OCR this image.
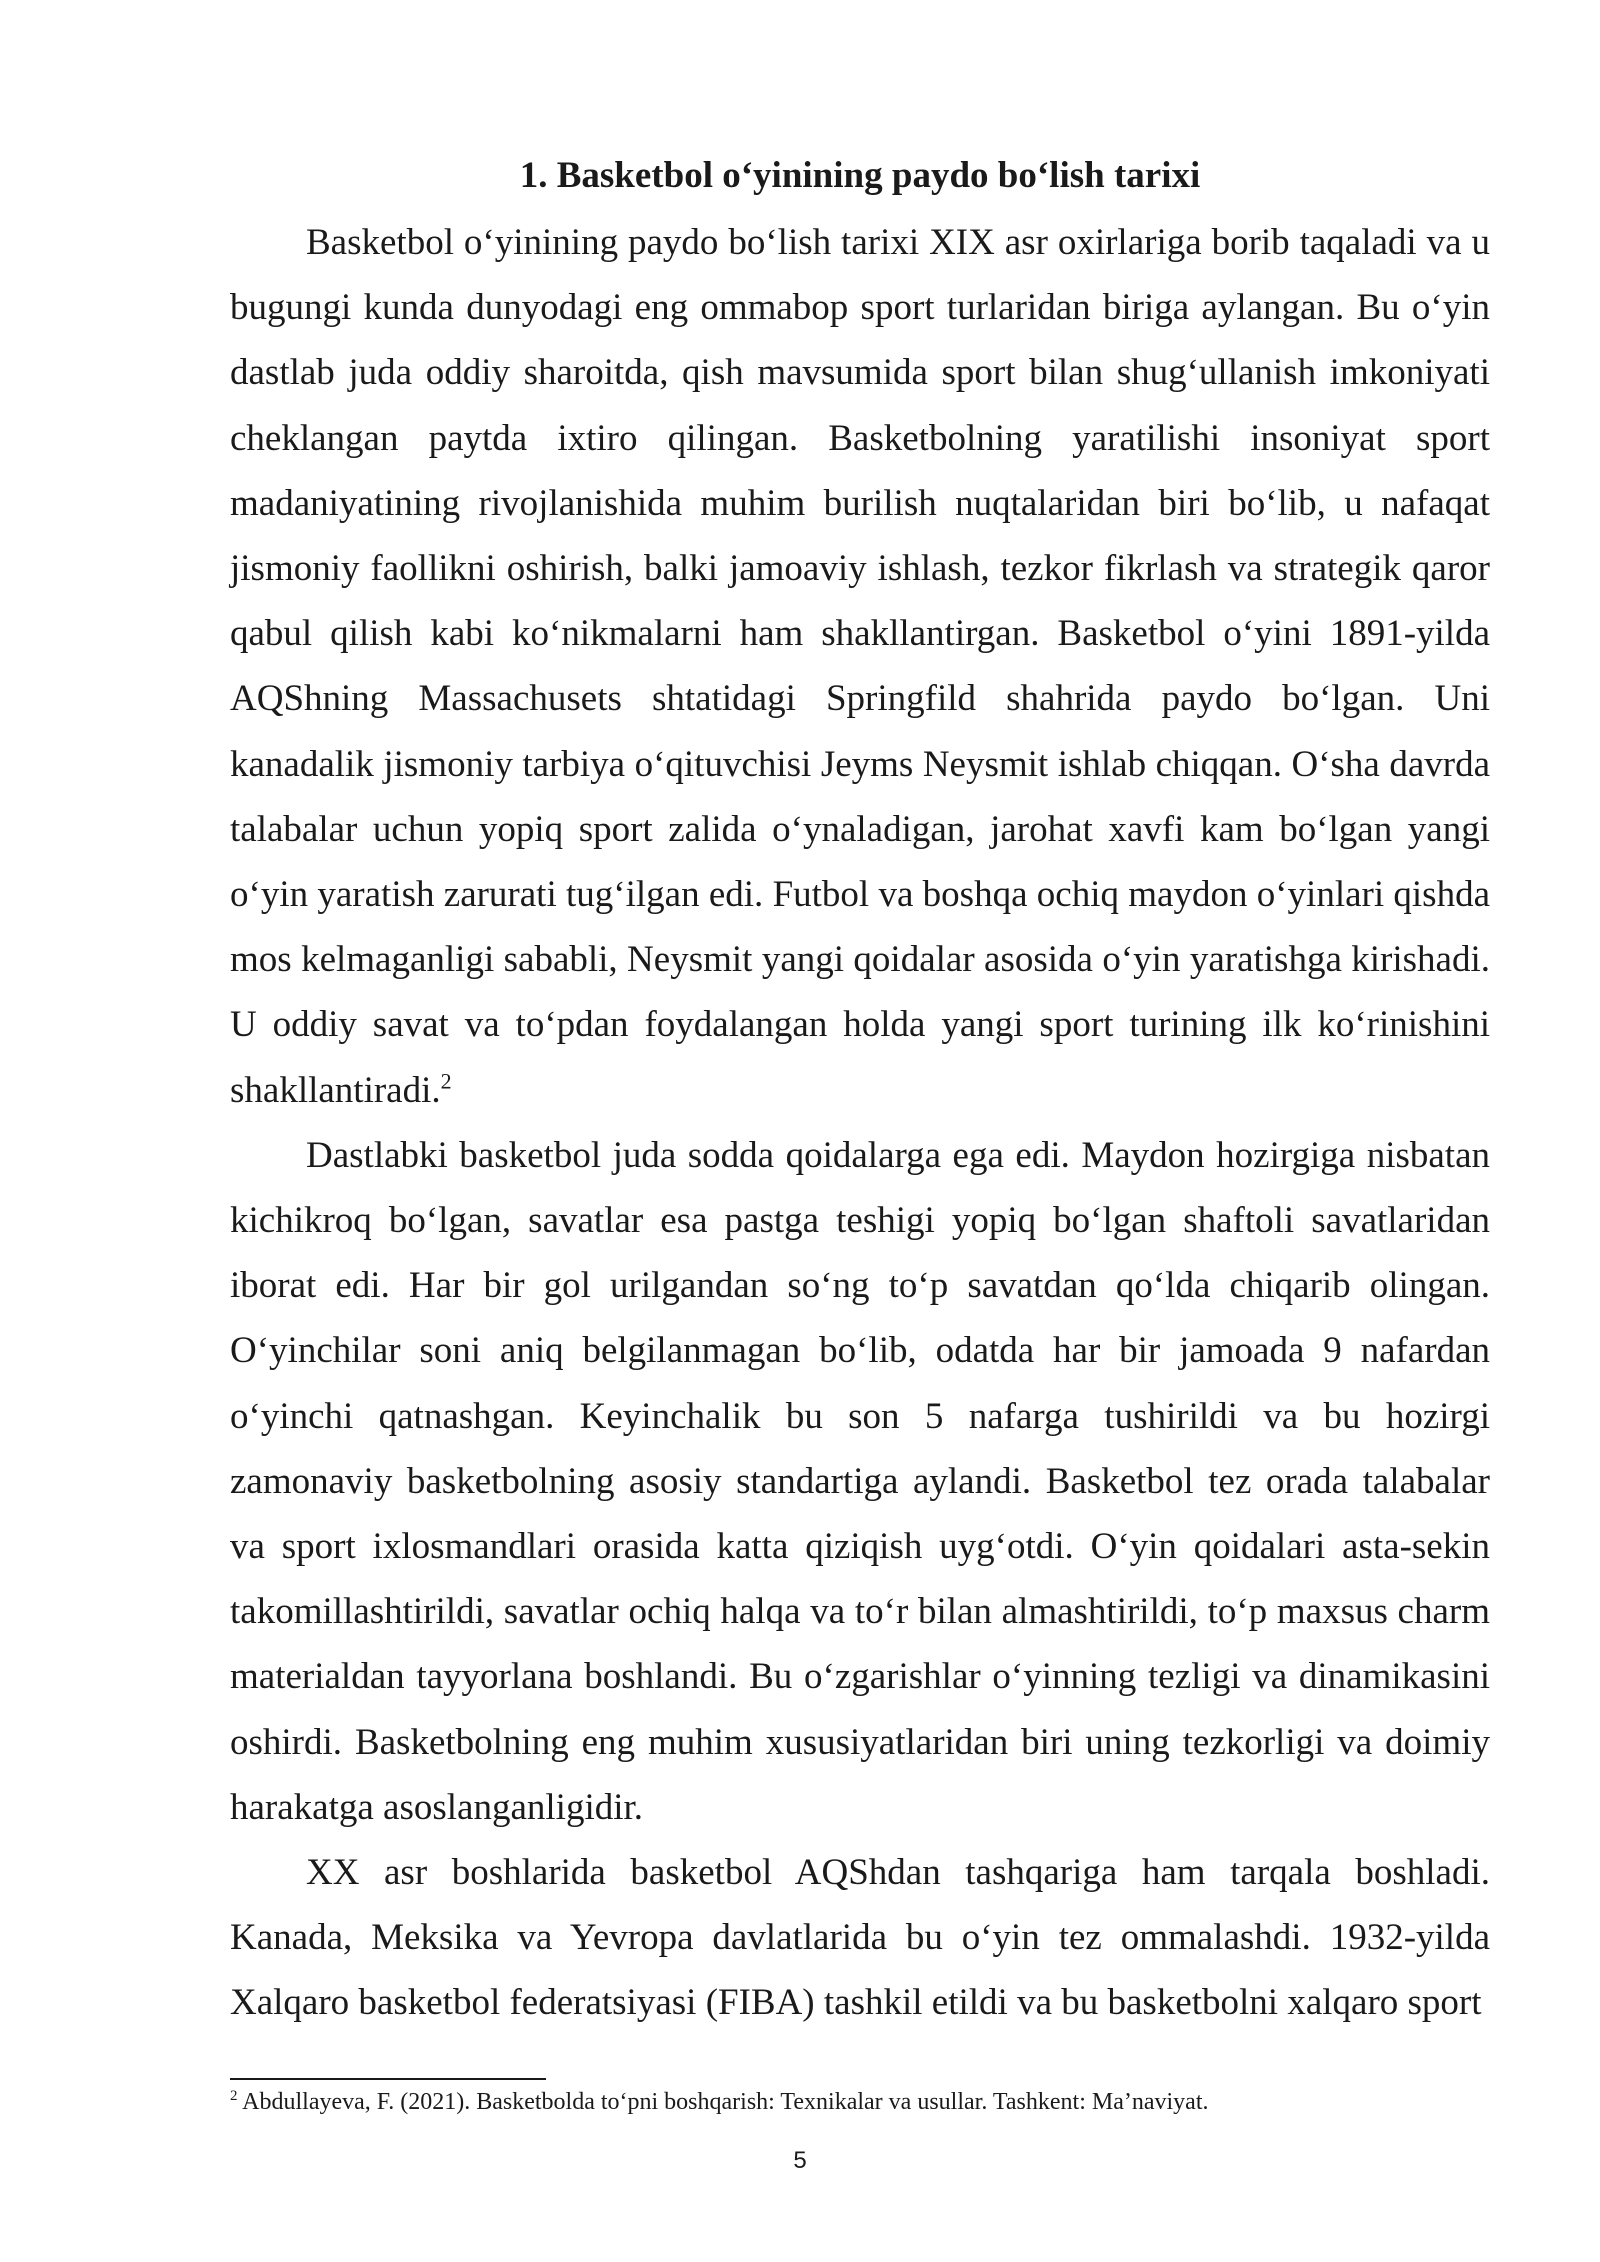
1. Basketbol o‘yinining paydo bo‘lish tarixi

Basketbol o‘yinining paydo bo‘lish tarixi XIX asr oxirlariga borib taqaladi va u bugungi kunda dunyodagi eng ommabop sport turlaridan biriga aylangan. Bu o‘yin dastlab juda oddiy sharoitda, qish mavsumida sport bilan shug‘ullanish imkoniyati cheklangan paytda ixtiro qilingan. Basketbolning yaratilishi insoniyat sport madaniyatining rivojlanishida muhim burilish nuqtalaridan biri bo‘lib, u nafaqat jismoniy faollikni oshirish, balki jamoaviy ishlash, tezkor fikrlash va strategik qaror qabul qilish kabi ko‘nikmalarni ham shakllantirgan. Basketbol o‘yini 1891-yilda AQShning Massachusets shtatidagi Springfild shahrida paydo bo‘lgan. Uni kanadalik jismoniy tarbiya o‘qituvchisi Jeyms Neysmit ishlab chiqqan. O‘sha davrda talabalar uchun yopiq sport zalida o‘ynaladigan, jarohat xavfi kam bo‘lgan yangi o‘yin yaratish zarurati tug‘ilgan edi. Futbol va boshqa ochiq maydon o‘yinlari qishda mos kelmaganligi sababli, Neysmit yangi qoidalar asosida o‘yin yaratishga kirishadi. U oddiy savat va to‘pdan foydalangan holda yangi sport turining ilk ko‘rinishini shakllantiradi.$^2$

Dastlabki basketbol juda sodda qoidalarga ega edi. Maydon hozirgiga nisbatan kichikroq bo‘lgan, savatlar esa pastga teshigi yopiq bo‘lgan shaftoli savatlaridan iborat edi. Har bir gol urilgandan so‘ng to‘p savatdan qo‘lda chiqarib olingan. O‘yinchilar soni aniq belgilanmagan bo‘lib, odatda har bir jamoada 9 nafardan o‘yinchi qatnashgan. Keyinchalik bu son 5 nafarga tushirildi va bu hozirgi zamonaviy basketbolning asosiy standartiga aylandi. Basketbol tez orada talabalar va sport ixlosmandlari orasida katta qiziqish uyg‘otdi. O‘yin qoidalari asta-sekin takomillashtirildi, savatlar ochiq halqa va to‘r bilan almashtirildi, to‘p maxsus charm materialdan tayyorlana boshlandi. Bu o‘zgarishlar o‘yinning tezligi va dinamikasini oshirdi. Basketbolning eng muhim xususiyatlaridan biri uning tezkorligi va doimiy harakatga asoslanganligidir.

XX asr boshlarida basketbol AQShdan tashqariga ham tarqala boshladi. Kanada, Meksika va Yevropa davlatlarida bu o‘yin tez ommalashdi. 1932-yilda Xalqaro basketbol federatsiyasi (FIBA) tashkil etildi va bu basketbolni xalqaro sport

$^2$ Abdullayeva, F. (2021). Basketbolda to‘pni boshqarish: Texnikalar va usullar. Tashkent: Ma’naviyat.

5
